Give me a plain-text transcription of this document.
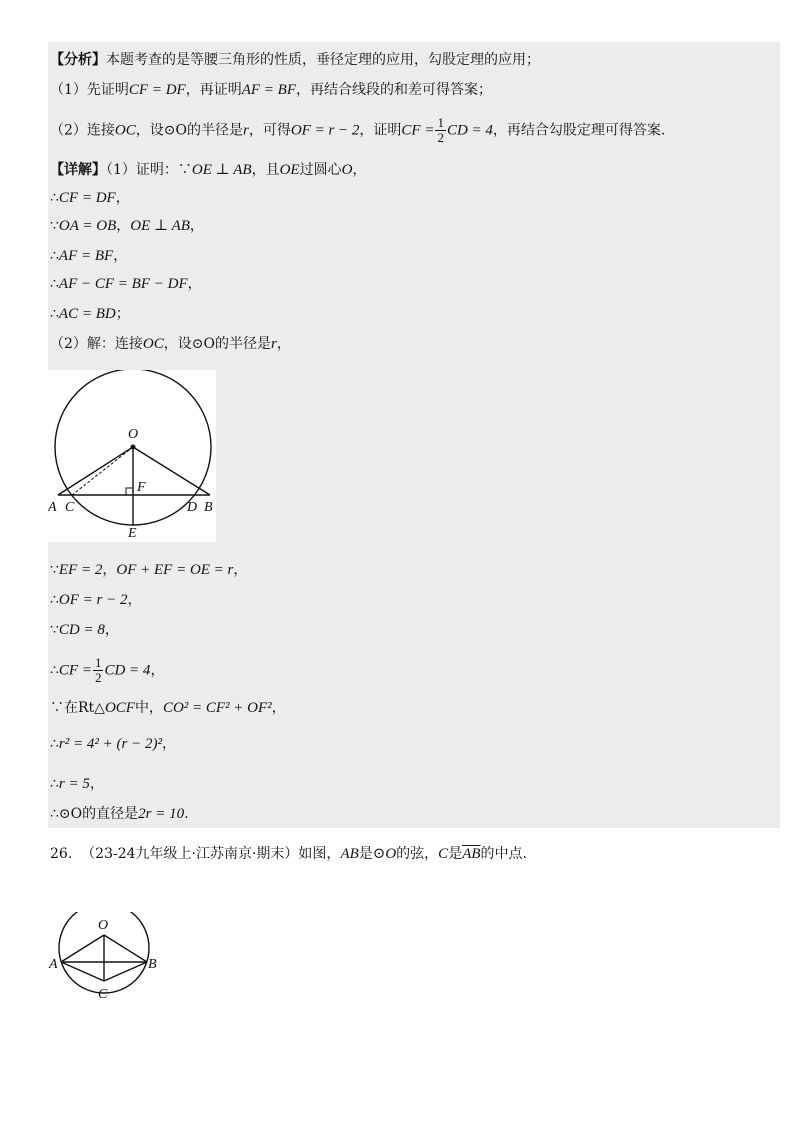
【分析】本题考查的是等腰三角形的性质，垂径定理的应用，勾股定理的应用；
（1）先证明CF = DF，再证明AF = BF，再结合线段的和差可得答案；
（2）连接OC，设⊙O的半径是r，可得OF = r − 2，证明CF = $\frac{1}{2}$ CD = 4，再结合勾股定理可得答案.
【详解】（1）证明：∵OE ⊥ AB，且OE过圆心O，
∴CF = DF，
∵OA = OB，OE ⊥ AB，
∴AF = BF，
∴AF − CF = BF − DF，
∴AC = BD；
（2）解：连接OC，设⊙O的半径是r，
O
F
A C	D B
E
∵EF = 2，OF + EF = OE = r，
∴OF = r − 2，
∵CD = 8，
∴CF = $\frac{1}{2}$ CD = 4，
∵在Rt△OCF中，CO² = CF² + OF²，
∴r² = 4² + (r − 2)²，
∴r = 5，
∴⊙O的直径是2r = 10.
26. （23-24九年级上·江苏南京·期末）如图，AB是⊙O的弦，C是$\overline{AB}$的中点.
O
A	B
C
